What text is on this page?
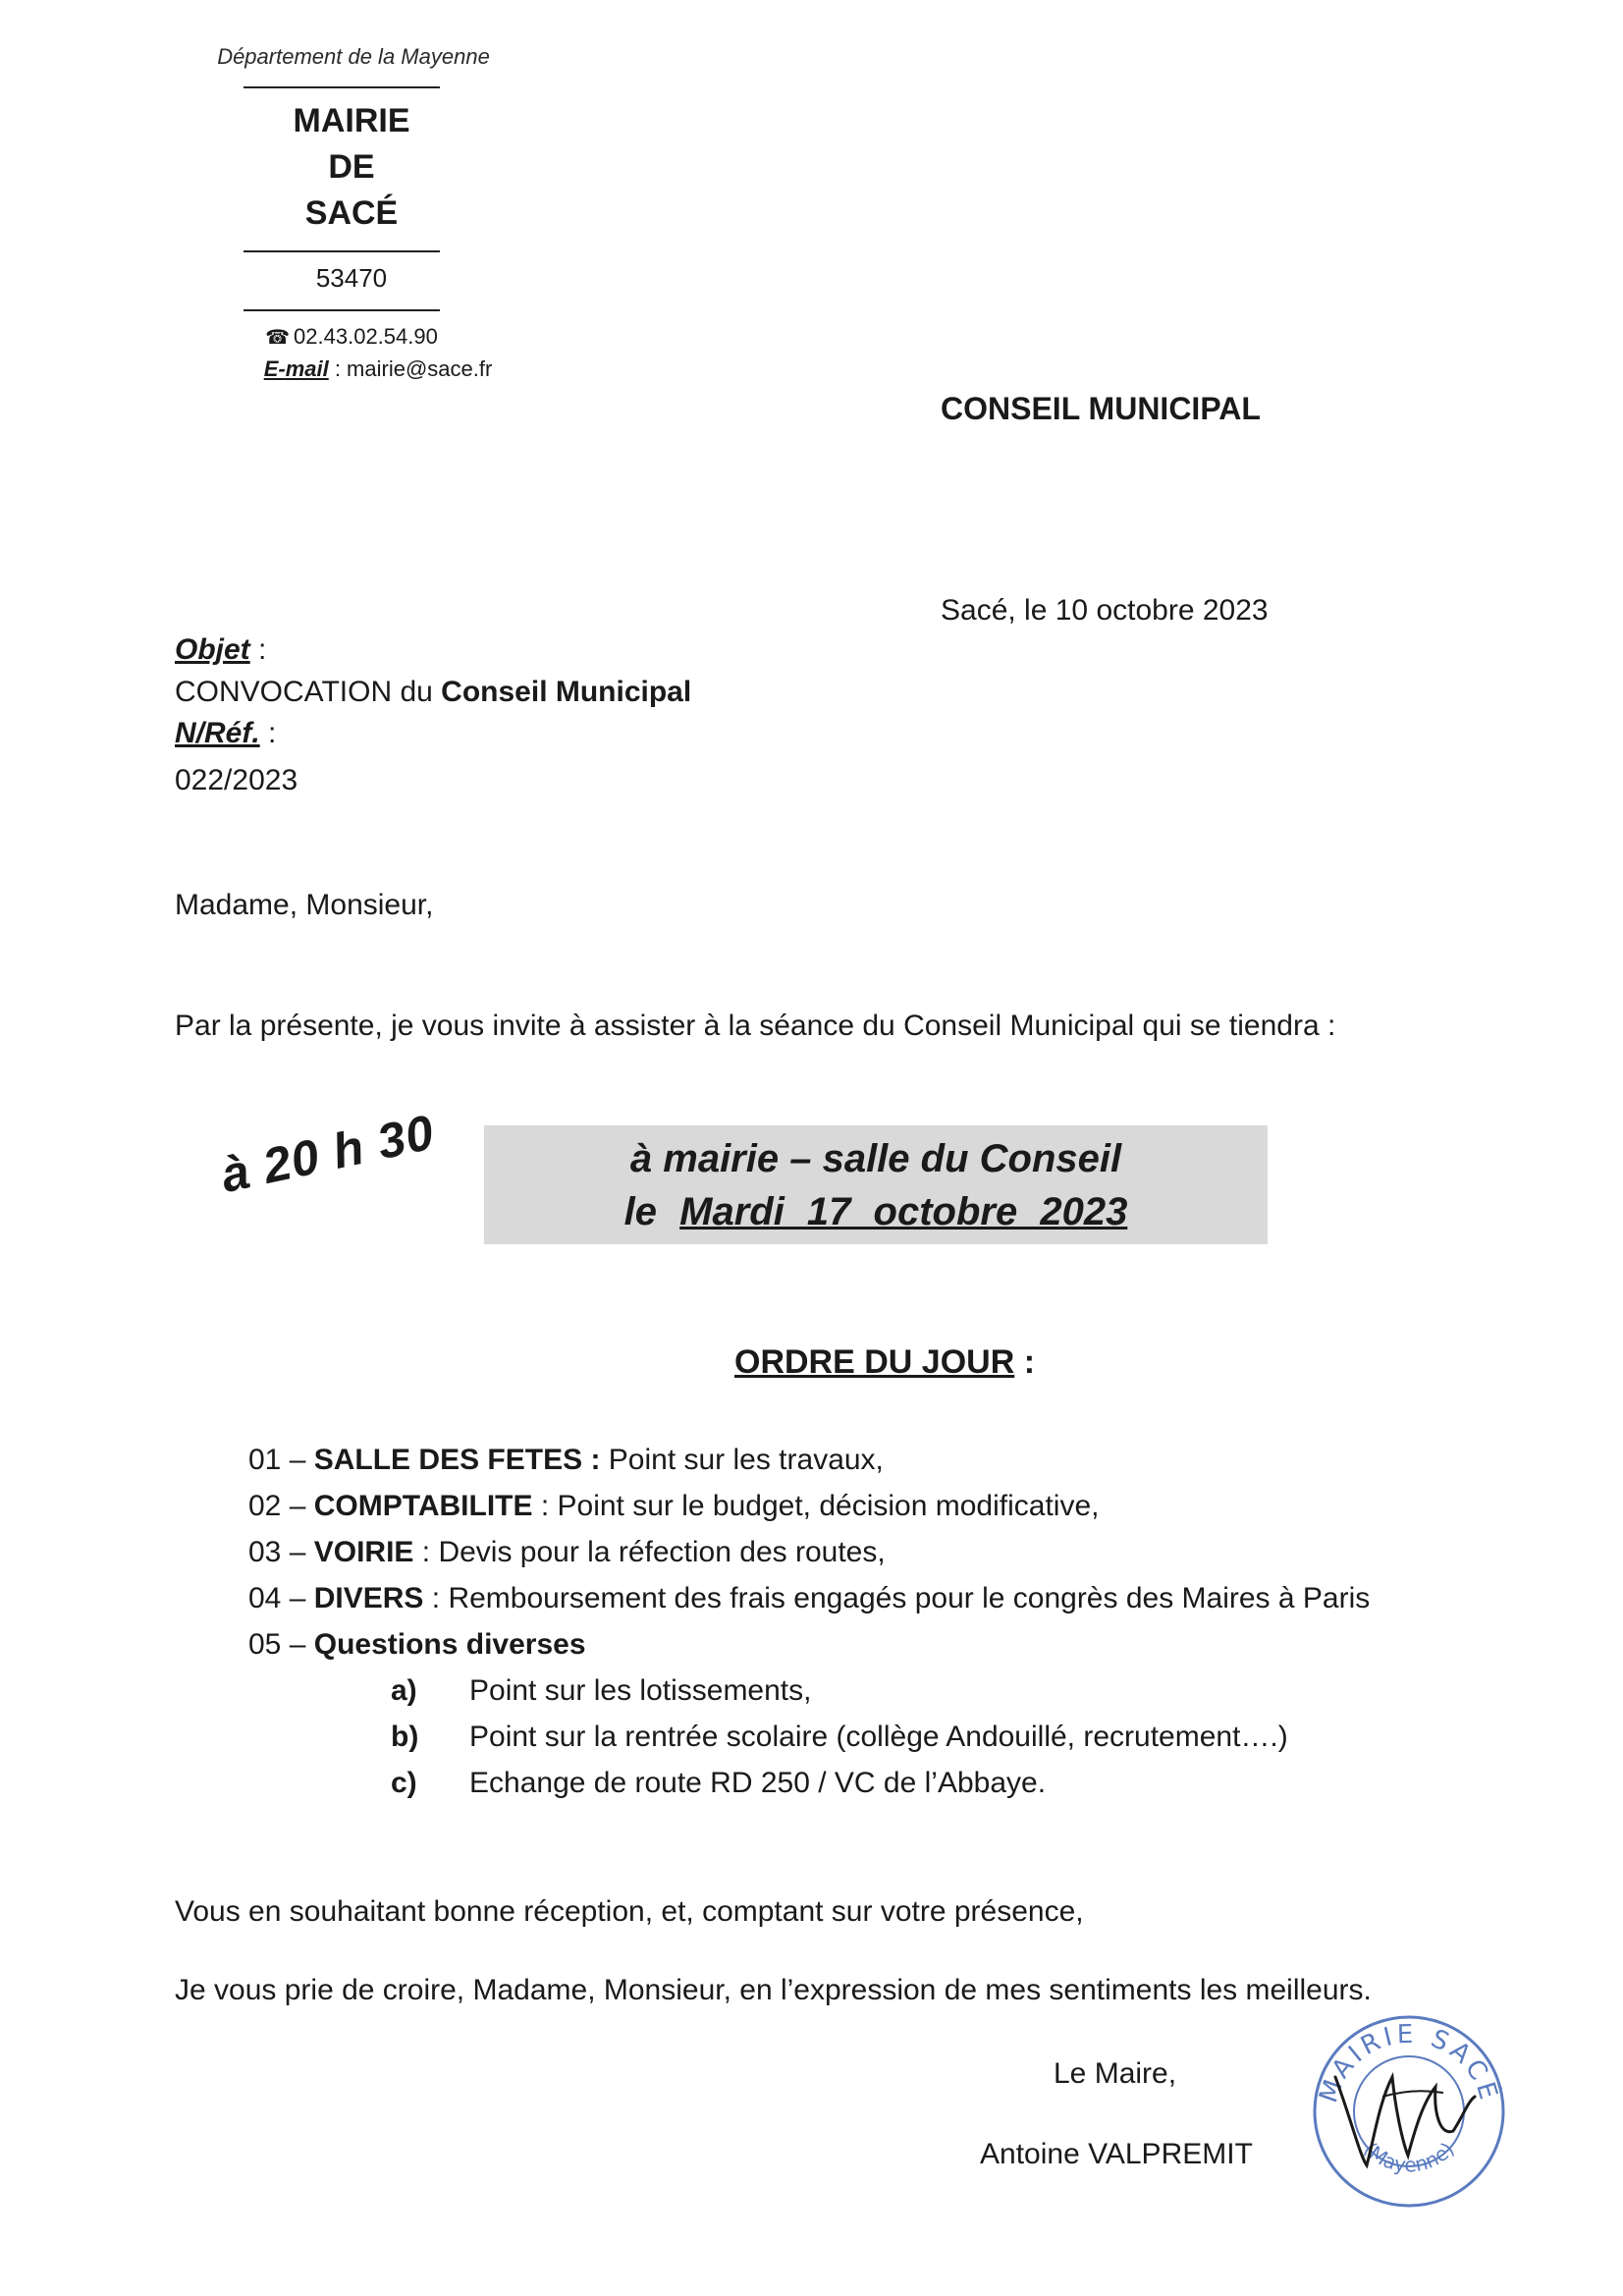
Département de la Mayenne
MAIRIE
DE
SACÉ
53470
☎ 02.43.02.54.90
E-mail : mairie@sace.fr
CONSEIL MUNICIPAL
Sacé, le 10 octobre 2023
Objet :
CONVOCATION du Conseil Municipal
N/Réf. :
022/2023
Madame, Monsieur,
Par la présente, je vous invite à assister à la séance du Conseil Municipal qui se tiendra :
à 20 h 30	à mairie – salle du Conseil
le Mardi 17 octobre 2023
ORDRE DU JOUR :
01 – SALLE DES FETES : Point sur les travaux,
02 – COMPTABILITE : Point sur le budget, décision modificative,
03 – VOIRIE : Devis pour la réfection des routes,
04 – DIVERS : Remboursement des frais engagés pour le congrès des Maires à Paris
05 – Questions diverses
a) Point sur les lotissements,
b) Point sur la rentrée scolaire (collège Andouillé, recrutement….)
c) Echange de route RD 250 / VC de l’Abbaye.
Vous en souhaitant bonne réception, et, comptant sur votre présence,
Je vous prie de croire, Madame, Monsieur, en l’expression de mes sentiments les meilleurs.
Le Maire,
Antoine VALPREMIT
MAIRIE SACÉ
(Mayenne)
